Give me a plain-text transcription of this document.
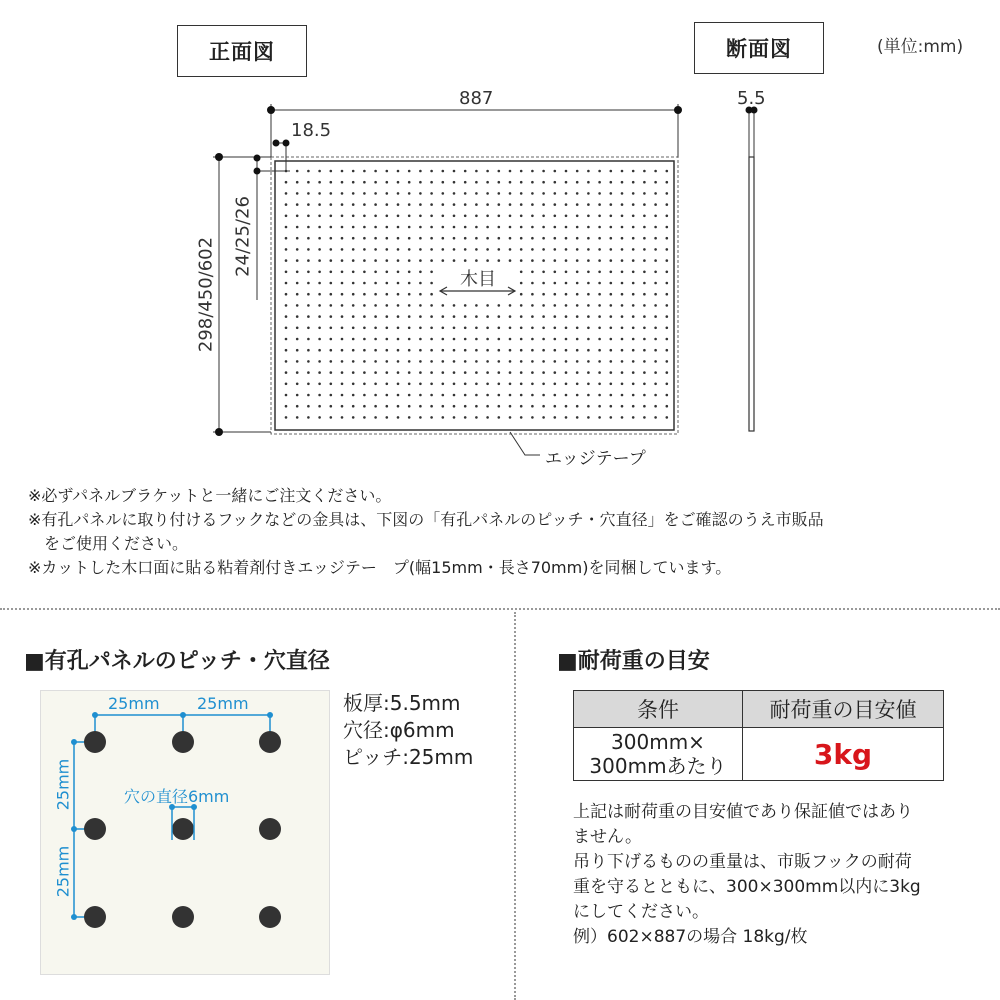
正面図	断面図	(単位:mm)
887
18.5
298/450/602
24/25/26
5.5
木目
エッジテープ
※必ずパネルブラケットと一緒にご注文ください。
※有孔パネルに取り付けるフックなどの金具は、下図の「有孔パネルのピッチ・穴直径」をご確認のうえ市販品
　をご使用ください。
※カットした木口面に貼る粘着剤付きエッジテー　プ(幅15mm・長さ70mm)を同梱しています。
■有孔パネルのピッチ・穴直径
25mm 25mm
25mm
25mm
穴の直径6mm
板厚:5.5mm
穴径:φ6mm
ピッチ:25mm
■耐荷重の目安
条件	耐荷重の目安値
300mm×
300mmあたり	3kg
上記は耐荷重の目安値であり保証値ではあり
ません。
吊り下げるものの重量は、市販フックの耐荷
重を守るとともに、300×300mm以内に3kg
にしてください。
例）602×887の場合 18kg/枚
